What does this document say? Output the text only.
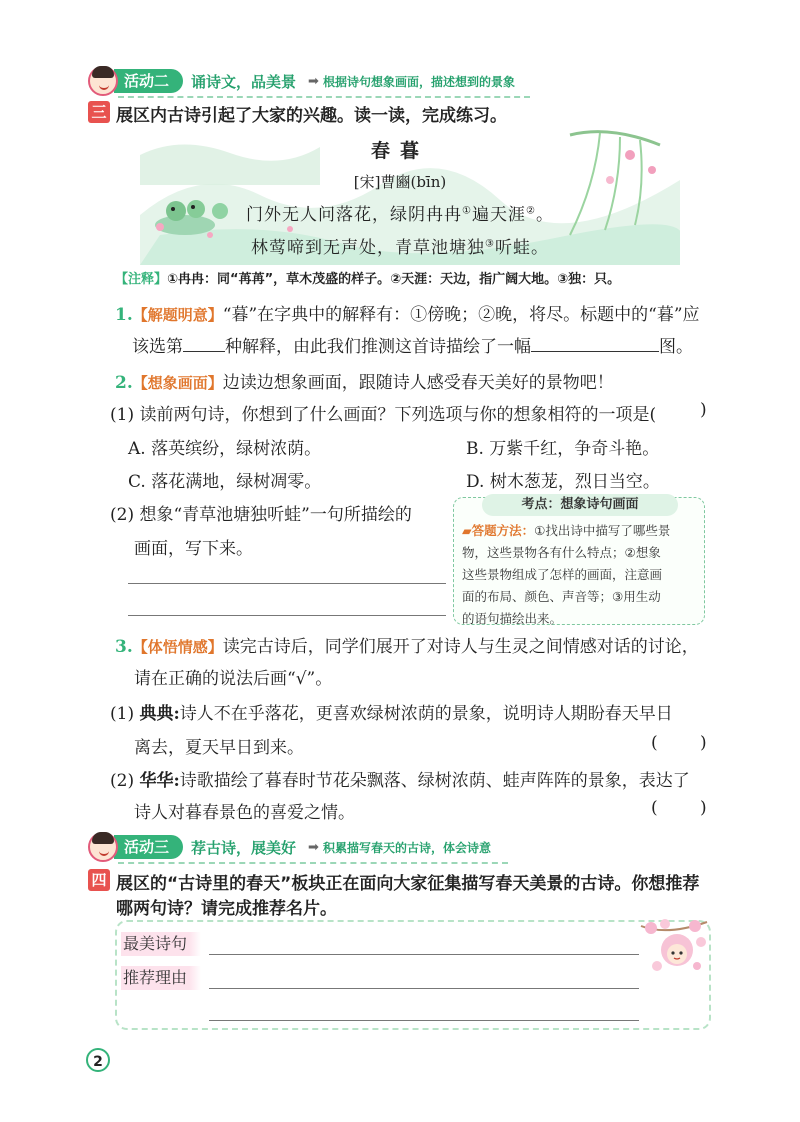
活动二	诵诗文，品美景 ➡ 根据诗句想象画面，描述想到的景象
三 展区内古诗引起了大家的兴趣。读一读，完成练习。
春暮
[宋]曹豳(bīn)
门外无人问落花，绿阴冉冉①遍天涯②。
林莺啼到无声处，青草池塘独③听蛙。
【注释】①冉冉：同“苒苒”，草木茂盛的样子。②天涯：天边，指广阔大地。③独：只。
1.【解题明意】“暮”在字典中的解释有：①傍晚；②晚，将尽。标题中的“暮”应
该选第 种解释，由此我们推测这首诗描绘了一幅	图。
2.【想象画面】边读边想象画面，跟随诗人感受春天美好的景物吧！
(1) 读前两句诗，你想到了什么画面？下列选项与你的想象相符的一项是(	)
A. 落英缤纷，绿树浓荫。	B. 万紫千红，争奇斗艳。
C. 落花满地，绿树凋零。	D. 树木葱茏，烈日当空。
(2) 想象“青草池塘独听蛙”一句所描绘的
画面，写下来。
考点：想象诗句画面
▰答题方法：①找出诗中描写了哪些景
物，这些景物各有什么特点；②想象
这些景物组成了怎样的画面，注意画
面的布局、颜色、声音等；③用生动
的语句描绘出来。
3.【体悟情感】读完古诗后，同学们展开了对诗人与生灵之间情感对话的讨论，
请在正确的说法后画“√”。
(1) 典典:诗人不在乎落花，更喜欢绿树浓荫的景象，说明诗人期盼春天早日
离去，夏天早日到来。	( )
(2) 华华:诗歌描绘了暮春时节花朵飘落、绿树浓荫、蛙声阵阵的景象，表达了
诗人对暮春景色的喜爱之情。	( )
活动三	荐古诗，展美好 ➡ 积累描写春天的古诗，体会诗意
四 展区的“古诗里的春天”板块正在面向大家征集描写春天美景的古诗。你想推荐
哪两句诗？请完成推荐名片。
最美诗句
推荐理由
2
